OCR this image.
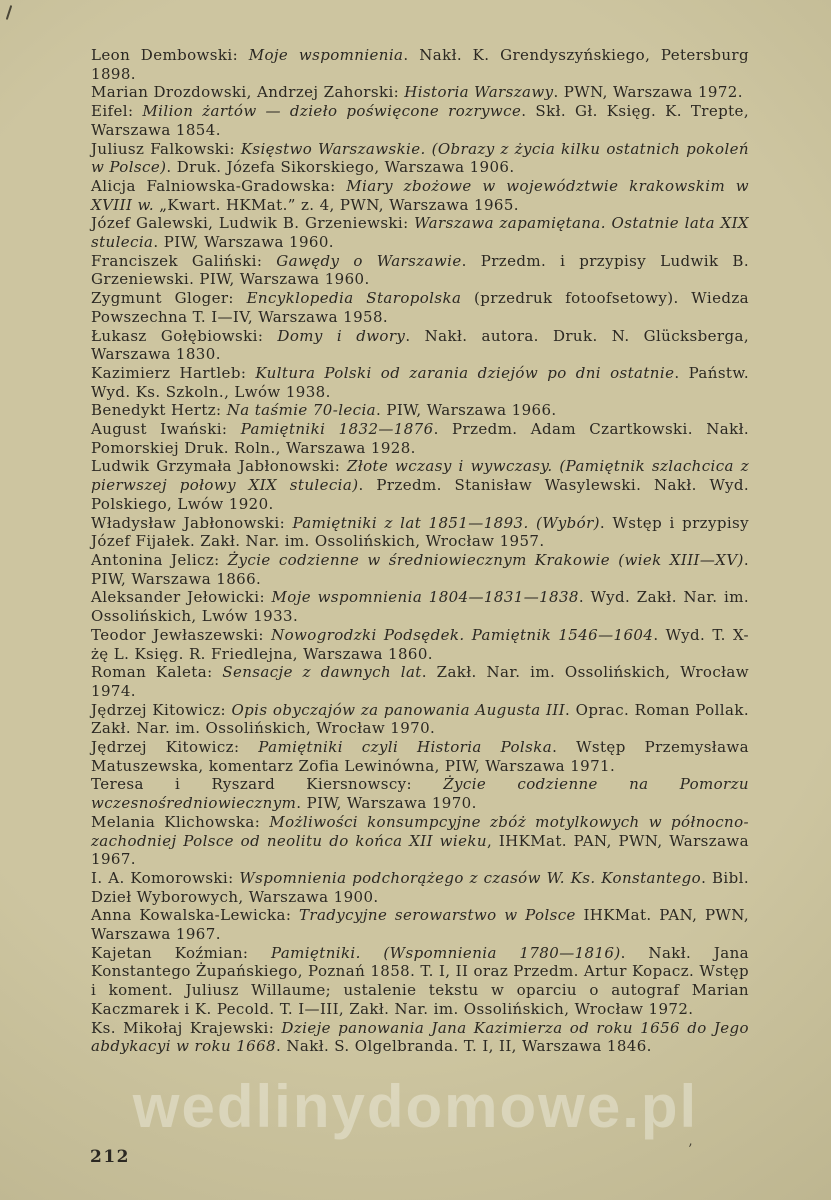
Leon Dembowski: Moje wspomnienia. Nakł. K. Grendyszyńskiego, Petersburg 1898.

Marian Drozdowski, Andrzej Zahorski: Historia Warszawy. PWN, Warszawa 1972.

Eifel: Milion żartów — dzieło poświęcone rozrywce. Skł. Gł. Księg. K. Trepte, Warszawa 1854.

Juliusz Falkowski: Księstwo Warszawskie. (Obrazy z życia kilku ostatnich pokoleń w Polsce). Druk. Józefa Sikorskiego, Warszawa 1906.

Alicja Falniowska-Gradowska: Miary zbożowe w województwie krakowskim w XVIII w. „Kwart. HKMat.” z. 4, PWN, Warszawa 1965.

Józef Galewski, Ludwik B. Grzeniewski: Warszawa zapamiętana. Ostatnie lata XIX stulecia. PIW, Warszawa 1960.

Franciszek Galiński: Gawędy o Warszawie. Przedm. i przypisy Ludwik B. Grzeniewski. PIW, Warszawa 1960.

Zygmunt Gloger: Encyklopedia Staropolska (przedruk fotoofsetowy). Wiedza Powszechna T. I—IV, Warszawa 1958.

Łukasz Gołębiowski: Domy i dwory. Nakł. autora. Druk. N. Glücksberga, Warszawa 1830.

Kazimierz Hartleb: Kultura Polski od zarania dziejów po dni ostatnie. Państw. Wyd. Ks. Szkoln., Lwów 1938.

Benedykt Hertz: Na taśmie 70-lecia. PIW, Warszawa 1966.

August Iwański: Pamiętniki 1832—1876. Przedm. Adam Czartkowski. Nakł. Pomorskiej Druk. Roln., Warszawa 1928.

Ludwik Grzymała Jabłonowski: Złote wczasy i wywczasy. (Pamiętnik szlachcica z pierwszej połowy XIX stulecia). Przedm. Stanisław Wasylewski. Nakł. Wyd. Polskiego, Lwów 1920.

Władysław Jabłonowski: Pamiętniki z lat 1851—1893. (Wybór). Wstęp i przypisy Józef Fijałek. Zakł. Nar. im. Ossolińskich, Wrocław 1957.

Antonina Jelicz: Życie codzienne w średniowiecznym Krakowie (wiek XIII—XV). PIW, Warszawa 1866.

Aleksander Jełowicki: Moje wspomnienia 1804—1831—1838. Wyd. Zakł. Nar. im. Ossolińskich, Lwów 1933.

Teodor Jewłaszewski: Nowogrodzki Podsędek. Pamiętnik 1546—1604. Wyd. T. X-żę L. Księg. R. Friedlejna, Warszawa 1860.

Roman Kaleta: Sensacje z dawnych lat. Zakł. Nar. im. Ossolińskich, Wrocław 1974.

Jędrzej Kitowicz: Opis obyczajów za panowania Augusta III. Oprac. Roman Pollak. Zakł. Nar. im. Ossolińskich, Wrocław 1970.

Jędrzej Kitowicz: Pamiętniki czyli Historia Polska. Wstęp Przemysława Matuszewska, komentarz Zofia Lewinówna, PIW, Warszawa 1971.

Teresa i Ryszard Kiersnowscy: Życie codzienne na Pomorzu wczesnośredniowiecznym. PIW, Warszawa 1970.

Melania Klichowska: Możliwości konsumpcyjne zbóż motylkowych w północno-zachodniej Polsce od neolitu do końca XII wieku, IHKMat. PAN, PWN, Warszawa 1967.

I. A. Komorowski: Wspomnienia podchorążego z czasów W. Ks. Konstantego. Bibl. Dzieł Wyborowych, Warszawa 1900.

Anna Kowalska-Lewicka: Tradycyjne serowarstwo w Polsce IHKMat. PAN, PWN, Warszawa 1967.

Kajetan Koźmian: Pamiętniki. (Wspomnienia 1780—1816). Nakł. Jana Konstantego Żupańskiego, Poznań 1858. T. I, II oraz Przedm. Artur Kopacz. Wstęp i koment. Juliusz Willaume; ustalenie tekstu w oparciu o autograf Marian Kaczmarek i K. Pecold. T. I—III, Zakł. Nar. im. Ossolińskich, Wrocław 1972.

Ks. Mikołaj Krajewski: Dzieje panowania Jana Kazimierza od roku 1656 do Jego abdykacyi w roku 1668. Nakł. S. Olgelbranda. T. I, II, Warszawa 1846.

wedlinydomowe.pl
212	’
